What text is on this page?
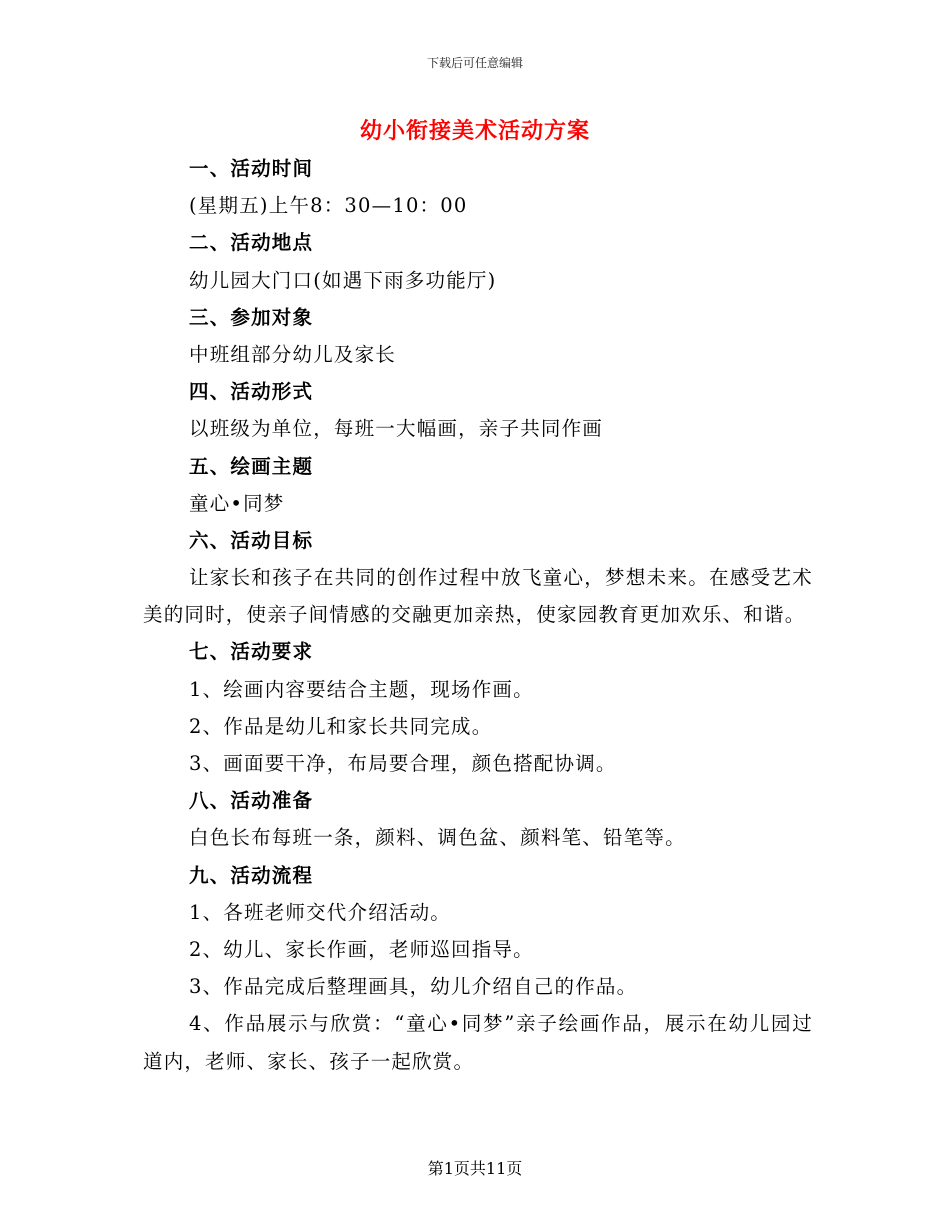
下载后可任意编辑
幼小衔接美术活动方案
一、活动时间
(星期五)上午8：30—10：00
二、活动地点
幼儿园大门口(如遇下雨多功能厅)
三、参加对象
中班组部分幼儿及家长
四、活动形式
以班级为单位，每班一大幅画，亲子共同作画
五、绘画主题
童心•同梦
六、活动目标
让家长和孩子在共同的创作过程中放飞童心，梦想未来。在感受艺术美的同时，使亲子间情感的交融更加亲热，使家园教育更加欢乐、和谐。
七、活动要求
1、绘画内容要结合主题，现场作画。
2、作品是幼儿和家长共同完成。
3、画面要干净，布局要合理，颜色搭配协调。
八、活动准备
白色长布每班一条，颜料、调色盆、颜料笔、铅笔等。
九、活动流程
1、各班老师交代介绍活动。
2、幼儿、家长作画，老师巡回指导。
3、作品完成后整理画具，幼儿介绍自己的作品。
4、作品展示与欣赏：“童心•同梦”亲子绘画作品，展示在幼儿园过道内，老师、家长、孩子一起欣赏。
第1页共11页
